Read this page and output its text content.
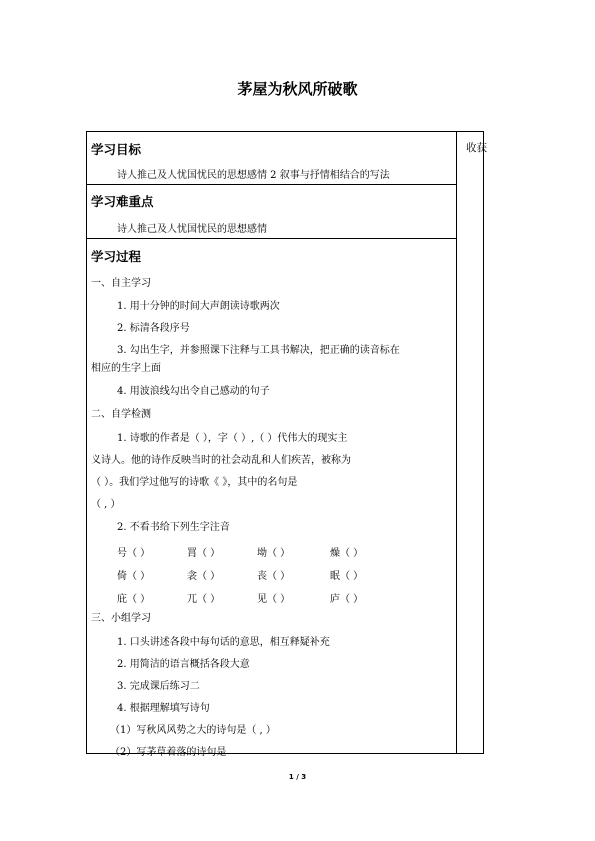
茅屋为秋风所破歌
收获
学习目标
诗人推己及人忧国忧民的思想感情 2 叙事与抒情相结合的写法
学习难重点
诗人推己及人忧国忧民的思想感情
学习过程
一、自主学习
1. 用十分钟的时间大声朗读诗歌两次
2. 标清各段序号
3. 勾出生字，并参照课下注释与工具书解决，把正确的读音标在
相应的生字上面
4. 用波浪线勾出令自己感动的句子
二、自学检测
1. 诗歌的作者是（ ），字（ ）,（ ）代伟大的现实主
义诗人。他的诗作反映当时的社会动乱和人们疾苦，被称为
（ ）。我们学过他写的诗歌《 》，其中的名句是
（ , ）
2. 不看书给下列生字注音
号（ ）	罥（ ）	坳（ ）	燥（ ）
倚（ ）	衾（ ）	丧（ ）	眠（ ）
庇（ ）	兀（ ）	见（ ）	庐（ ）
三、小组学习
1. 口头讲述各段中每句话的意思，相互释疑补充
2. 用简洁的语言概括各段大意
3. 完成课后练习二
4. 根据理解填写诗句
（1）写秋风风势之大的诗句是（ , ）
（2）写茅草着落的诗句是
1 / 3
